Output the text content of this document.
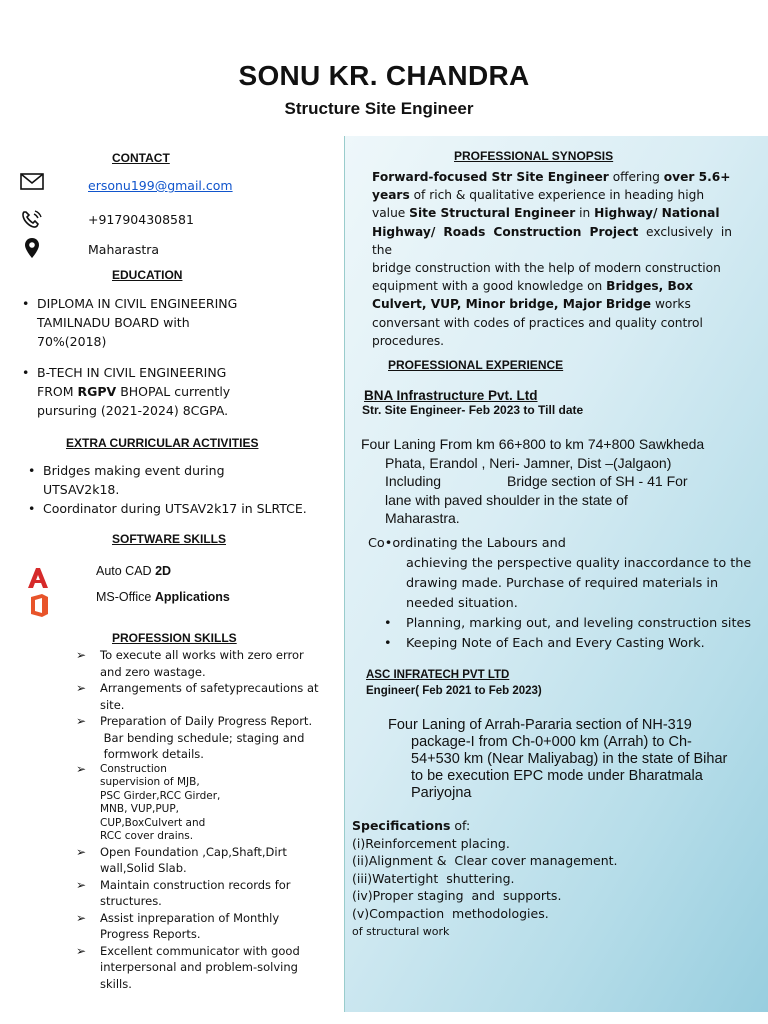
SONU KR. CHANDRA
Structure Site Engineer
CONTACT
ersonu199@gmail.com
+917904308581
Maharastra
EDUCATION
• DIPLOMA IN CIVIL ENGINEERING
TAMILNADU BOARD with
70%(2018)
• B-TECH IN CIVIL ENGINEERING
FROM RGPV BHOPAL currently
pursuring (2021-2024) 8CGPA.
EXTRA CURRICULAR ACTIVITIES
• Bridges making event during
UTSAV2k18.
• Coordinator during UTSAV2k17 in SLRTCE.
SOFTWARE SKILLS
Auto CAD 2D
MS-Office Applications
PROFESSION SKILLS
➢ To execute all works with zero error
and zero wastage.
➢ Arrangements of safetyprecautions at
site.
➢ Preparation of Daily Progress Report.
Bar bending schedule; staging and
formwork details.
➢ Construction
supervision of MJB,
PSC Girder,RCC Girder,
MNB, VUP,PUP,
CUP,BoxCulvert and
RCC cover drains.
➢ Open Foundation ,Cap,Shaft,Dirt
wall,Solid Slab.
➢ Maintain construction records for
structures.
➢ Assist inpreparation of Monthly
Progress Reports.
➢ Excellent communicator with good
interpersonal and problem-solving
skills.
PROFESSIONAL SYNOPSIS
Forward-focused Str Site Engineer offering over 5.6+
years of rich & qualitative experience in heading high
value Site Structural Engineer in Highway/ National
Highway/ Roads Construction Project exclusively in the
bridge construction with the help of modern construction
equipment with a good knowledge on Bridges, Box
Culvert, VUP, Minor bridge, Major Bridge works
conversant with codes of practices and quality control
procedures.
PROFESSIONAL EXPERIENCE
BNA Infrastructure Pvt. Ltd
Str. Site Engineer- Feb 2023 to Till date
Four Laning From km 66+800 to km 74+800 Sawkheda
Phata, Erandol , Neri- Jamner, Dist –(Jalgaon)
Including	Bridge section of SH - 41 For
lane with paved shoulder in the state of
Maharastra.
Co•ordinating the Labours and
achieving the perspective quality inaccordance to the
drawing made. Purchase of required materials in
needed situation.
• Planning, marking out, and leveling construction sites
• Keeping Note of Each and Every Casting Work.
ASC INFRATECH PVT LTD
Engineer( Feb 2021 to Feb 2023)
Four Laning of Arrah-Pararia section of NH-319
package-I from Ch-0+000 km (Arrah) to Ch-
54+530 km (Near Maliyabag) in the state of Bihar
to be execution EPC mode under Bharatmala
Pariyojna
Specifications of:
(i)Reinforcement placing.
(ii)Alignment &  Clear cover management.
(iii)Watertight  shuttering.
(iv)Proper staging  and  supports.
(v)Compaction  methodologies.
of structural work
